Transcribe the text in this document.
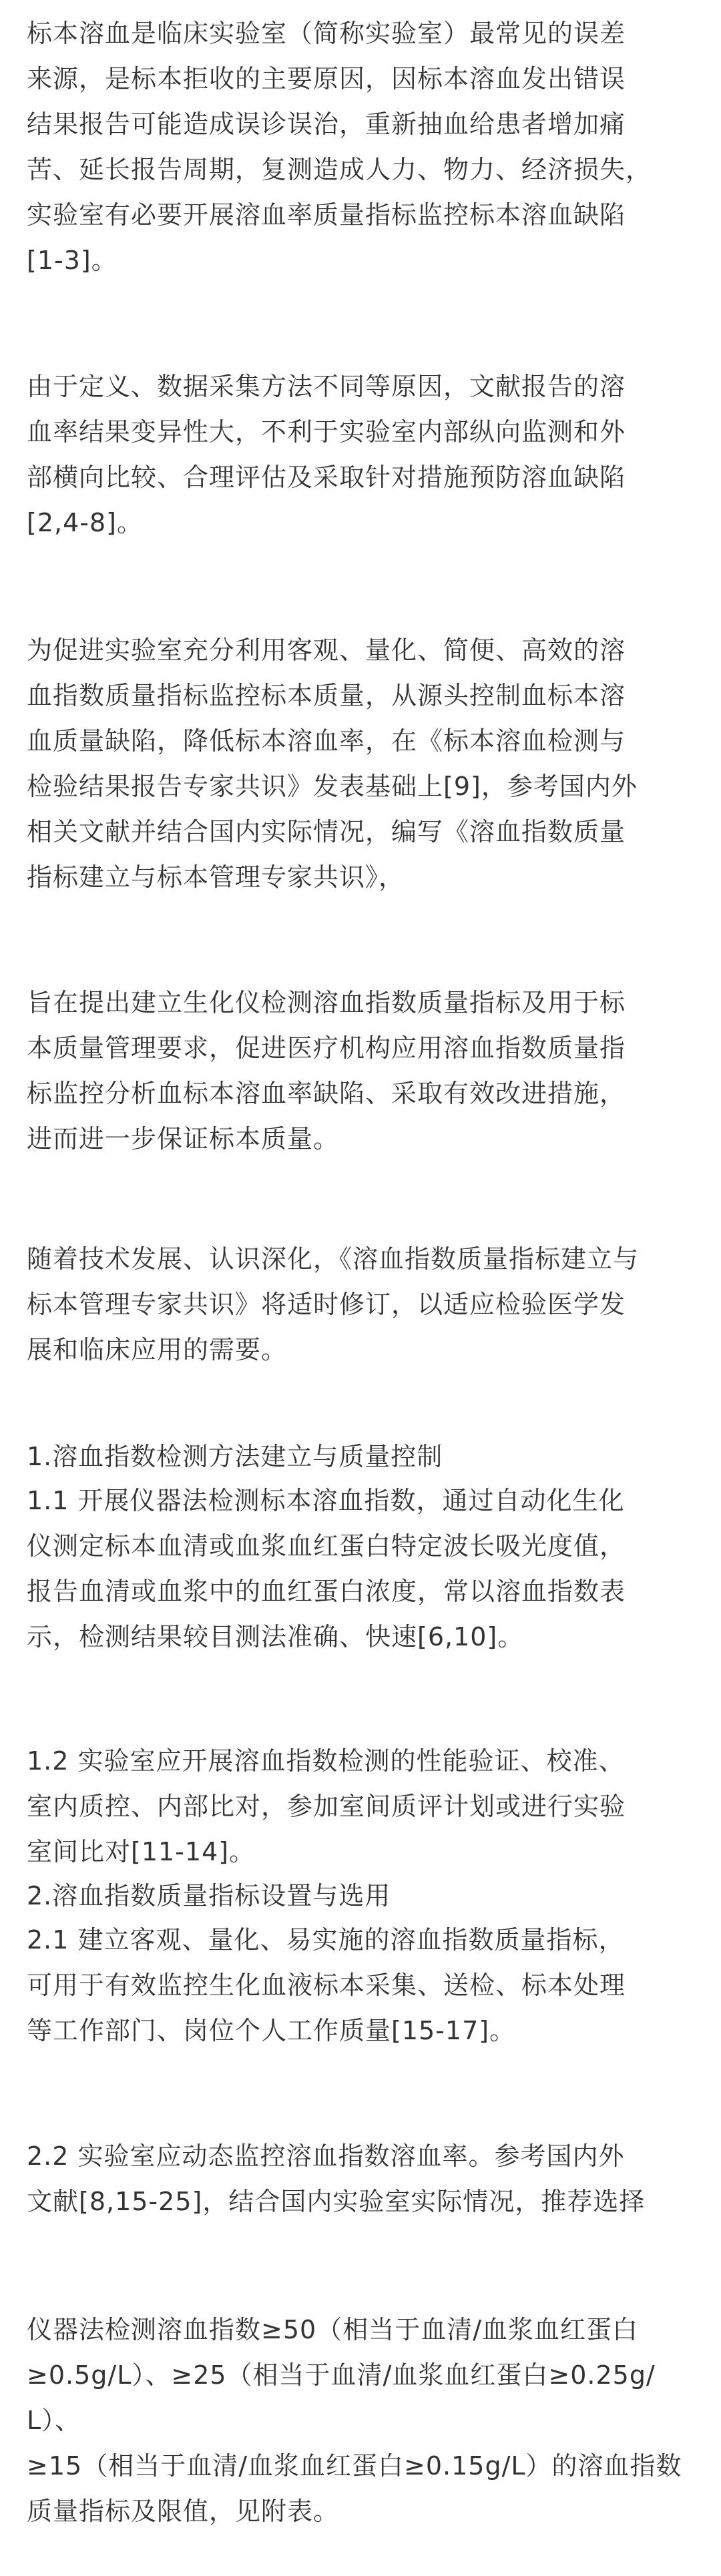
标本溶血是临床实验室（简称实验室）最常见的误差
来源，是标本拒收的主要原因，因标本溶血发出错误
结果报告可能造成误诊误治，重新抽血给患者增加痛
苦、延长报告周期，复测造成人力、物力、经济损失，
实验室有必要开展溶血率质量指标监控标本溶血缺陷
[1-3]。

由于定义、数据采集方法不同等原因，文献报告的溶
血率结果变异性大，不利于实验室内部纵向监测和外
部横向比较、合理评估及采取针对措施预防溶血缺陷
[2,4-8]。

为促进实验室充分利用客观、量化、简便、高效的溶
血指数质量指标监控标本质量，从源头控制血标本溶
血质量缺陷，降低标本溶血率，在《标本溶血检测与
检验结果报告专家共识》发表基础上[9]，参考国内外
相关文献并结合国内实际情况，编写《溶血指数质量
指标建立与标本管理专家共识》，

旨在提出建立生化仪检测溶血指数质量指标及用于标
本质量管理要求，促进医疗机构应用溶血指数质量指
标监控分析血标本溶血率缺陷、采取有效改进措施，
进而进一步保证标本质量。

随着技术发展、认识深化，《溶血指数质量指标建立与
标本管理专家共识》将适时修订，以适应检验医学发
展和临床应用的需要。

1.溶血指数检测方法建立与质量控制

1.1 开展仪器法检测标本溶血指数，通过自动化生化
仪测定标本血清或血浆血红蛋白特定波长吸光度值，
报告血清或血浆中的血红蛋白浓度，常以溶血指数表
示，检测结果较目测法准确、快速[6,10]。

1.2 实验室应开展溶血指数检测的性能验证、校准、
室内质控、内部比对，参加室间质评计划或进行实验
室间比对[11-14]。

2.溶血指数质量指标设置与选用

2.1 建立客观、量化、易实施的溶血指数质量指标，
可用于有效监控生化血液标本采集、送检、标本处理
等工作部门、岗位个人工作质量[15-17]。

2.2 实验室应动态监控溶血指数溶血率。参考国内外
文献[8,15-25]，结合国内实验室实际情况，推荐选择

仪器法检测溶血指数≥50（相当于血清/血浆血红蛋白
≥0.5g/L）、≥25（相当于血清/血浆血红蛋白≥0.25g/L）、
≥15（相当于血清/血浆血红蛋白≥0.15g/L）的溶血指数
质量指标及限值，见附表。
